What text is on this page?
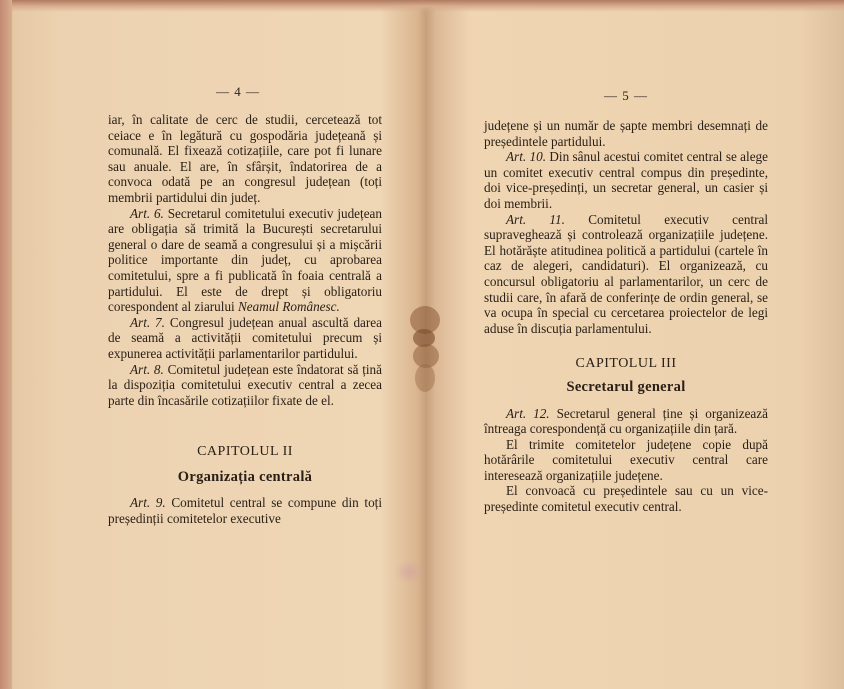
— 4 —	— 5 —

iar, în calitate de cerc de studii, cercetează tot ceiace e în legătură cu gospodăria județeană și comunală. El fixează cotizațiile, care pot fi lunare sau anuale. El are, în sfârșit, îndatorirea de a convoca odată pe an congresul județean (toți membrii partidului din județ.

Art. 6. Secretarul comitetului executiv județean are obligația să trimită la București secretarului general o dare de seamă a congresului și a mișcării politice importante din județ, cu aprobarea comitetului, spre a fi publicată în foaia centrală a partidului. El este de drept și obligatoriu corespondent al ziarului Neamul Românesc.

Art. 7. Congresul județean anual ascultă darea de seamă a activității comitetului precum și expunerea activității parlamentarilor partidului.

Art. 8. Comitetul județean este îndatorat să țină la dispoziția comitetului executiv central a zecea parte din încasările cotizațiilor fixate de el.

CAPITOLUL II

Organizația centrală

Art. 9. Comitetul central se compune din toți președinții comitetelor executive

județene și un număr de șapte membri desemnați de președintele partidului.

Art. 10. Din sânul acestui comitet central se alege un comitet executiv central compus din președinte, doi vice-președinți, un secretar general, un casier și doi membrii.

Art. 11. Comitetul executiv central supraveghează și controlează organizațiile județene. El hotărăște atitudinea politică a partidului (cartele în caz de alegeri, candidaturi). El organizează, cu concursul obligatoriu al parlamentarilor, un cerc de studii care, în afară de conferințe de ordin general, se va ocupa în special cu cercetarea proiectelor de legi aduse în discuția parlamentului.

CAPITOLUL III

Secretarul general

Art. 12. Secretarul general ține și organizează întreaga corespondență cu organizațiile din țară.

El trimite comitetelor județene copie după hotărârile comitetului executiv central care interesează organizațiile județene.

El convoacă cu președintele sau cu un vice-președinte comitetul executiv central.
